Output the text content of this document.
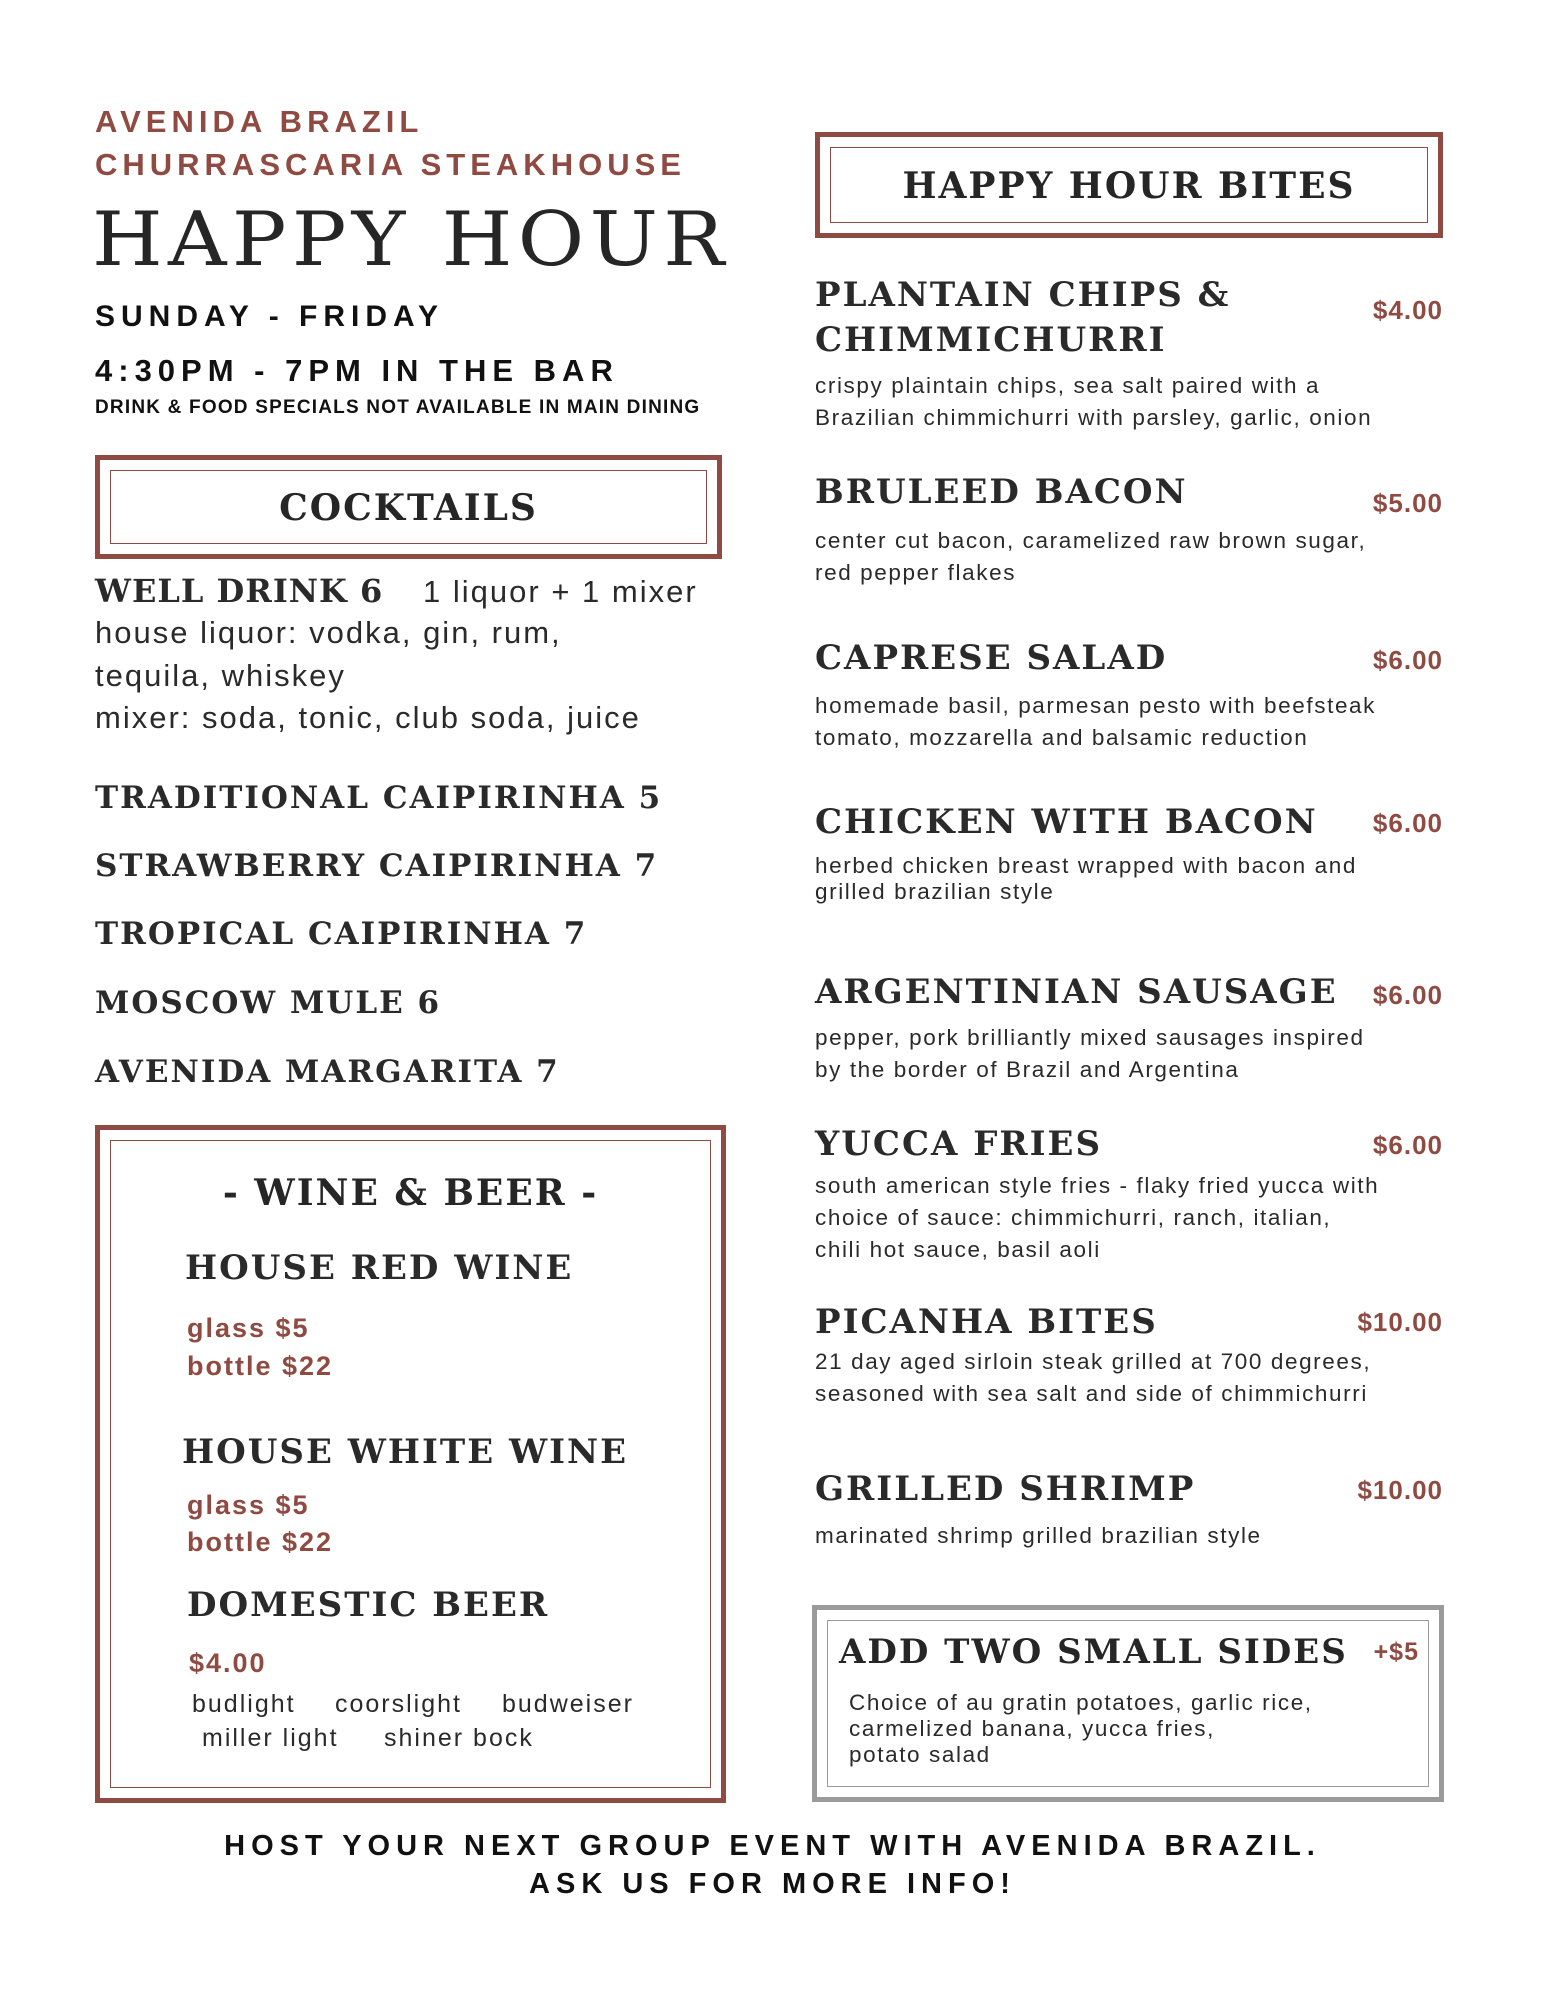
AVENIDA BRAZIL
CHURRASCARIA STEAKHOUSE
HAPPY HOUR
SUNDAY - FRIDAY
4:30PM - 7PM IN THE BAR
DRINK & FOOD SPECIALS NOT AVAILABLE IN MAIN DINING
COCKTAILS
WELL DRINK 6 1 liquor + 1 mixer
house liquor: vodka, gin, rum,
tequila, whiskey
mixer: soda, tonic, club soda, juice
TRADITIONAL CAIPIRINHA 5
STRAWBERRY CAIPIRINHA 7
TROPICAL CAIPIRINHA 7
MOSCOW MULE 6
AVENIDA MARGARITA 7
- WINE & BEER -
HOUSE RED WINE
glass $5
bottle $22
HOUSE WHITE WINE
glass $5
bottle $22
DOMESTIC BEER
$4.00
budlight coorslight budweiser
miller light shiner bock
HAPPY HOUR BITES
PLANTAIN CHIPS &
CHIMMICHURRI
$4.00
crispy plaintain chips, sea salt paired with a
Brazilian chimmichurri with parsley, garlic, onion
BRULEED BACON	$5.00
center cut bacon, caramelized raw brown sugar,
red pepper flakes
CAPRESE SALAD	$6.00
homemade basil, parmesan pesto with beefsteak
tomato, mozzarella and balsamic reduction
CHICKEN WITH BACON $6.00
herbed chicken breast wrapped with bacon and
grilled brazilian style
ARGENTINIAN SAUSAGE $6.00
pepper, pork brilliantly mixed sausages inspired
by the border of Brazil and Argentina
YUCCA FRIES	$6.00
south american style fries - flaky fried yucca with
choice of sauce: chimmichurri, ranch, italian,
chili hot sauce, basil aoli
PICANHA BITES	$10.00
21 day aged sirloin steak grilled at 700 degrees,
seasoned with sea salt and side of chimmichurri
GRILLED SHRIMP	$10.00
marinated shrimp grilled brazilian style
ADD TWO SMALL SIDES +$5
Choice of au gratin potatoes, garlic rice,
carmelized banana, yucca fries,
potato salad
HOST YOUR NEXT GROUP EVENT WITH AVENIDA BRAZIL.
ASK US FOR MORE INFO!
